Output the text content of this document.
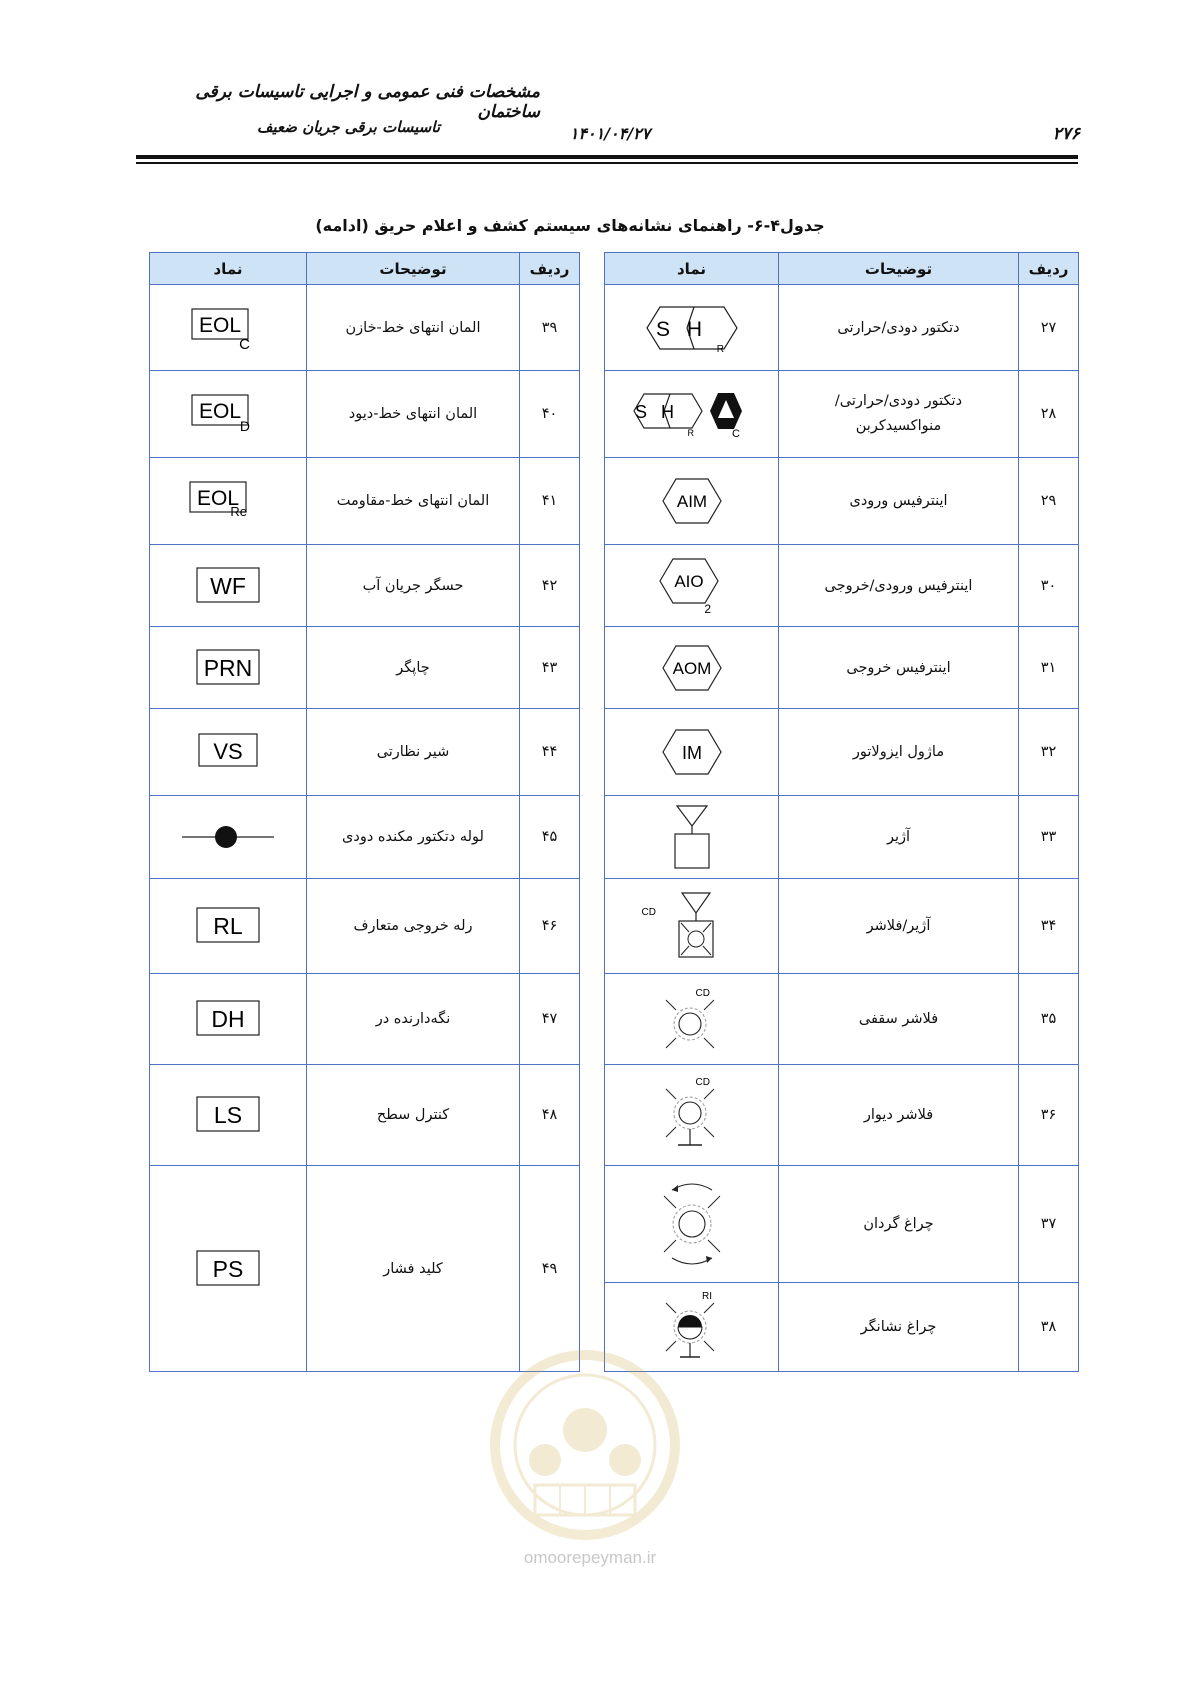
مشخصات فنی عمومی و اجرایی تاسیسات برقی ساختمان
تاسیسات برقی جریان ضعیف	۱۴۰۱/۰۴/۲۷	۲۷۶
جدول۴-۶- راهنمای نشانه‌های سیستم کشف و اعلام حریق (ادامه)
ردیف	توضیحات	نماد
۲۷	دتکتور دودی/حرارتی	S H
R

۲۸	دتکتور دودی/حرارتی/منواکسیدکربن	S H
R C

۲۹	اینترفیس ورودی	AIM

۳۰	اینترفیس ورودی/خروجی	AIO
2

۳۱	اینترفیس خروجی	AOM

۳۲	ماژول ایزولاتور	IM

۳۳	آژیر	

۳۴	آژیر/فلاشر	CD

۳۵	فلاشر سقفی	CD

۳۶	فلاشر دیوار	CD

۳۷	چراغ گردان	

۳۸	چراغ نشانگر	RI
ردیف	توضیحات	نماد
۳۹	المان انتهای خط-خازن	EOL
C

۴۰	المان انتهای خط-دیود	EOL
D

۴۱	المان انتهای خط-مقاومت	EOL
Re

۴۲	حسگر جریان آب	WF

۴۳	چاپگر	PRN

۴۴	شیر نظارتی	VS

۴۵	لوله دتکتور مکنده دودی	

۴۶	رله خروجی متعارف	RL

۴۷	نگه‌دارنده در	DH

۴۸	کنترل سطح	LS

۴۹	کلید فشار	PS
omoorepeyman.ir
